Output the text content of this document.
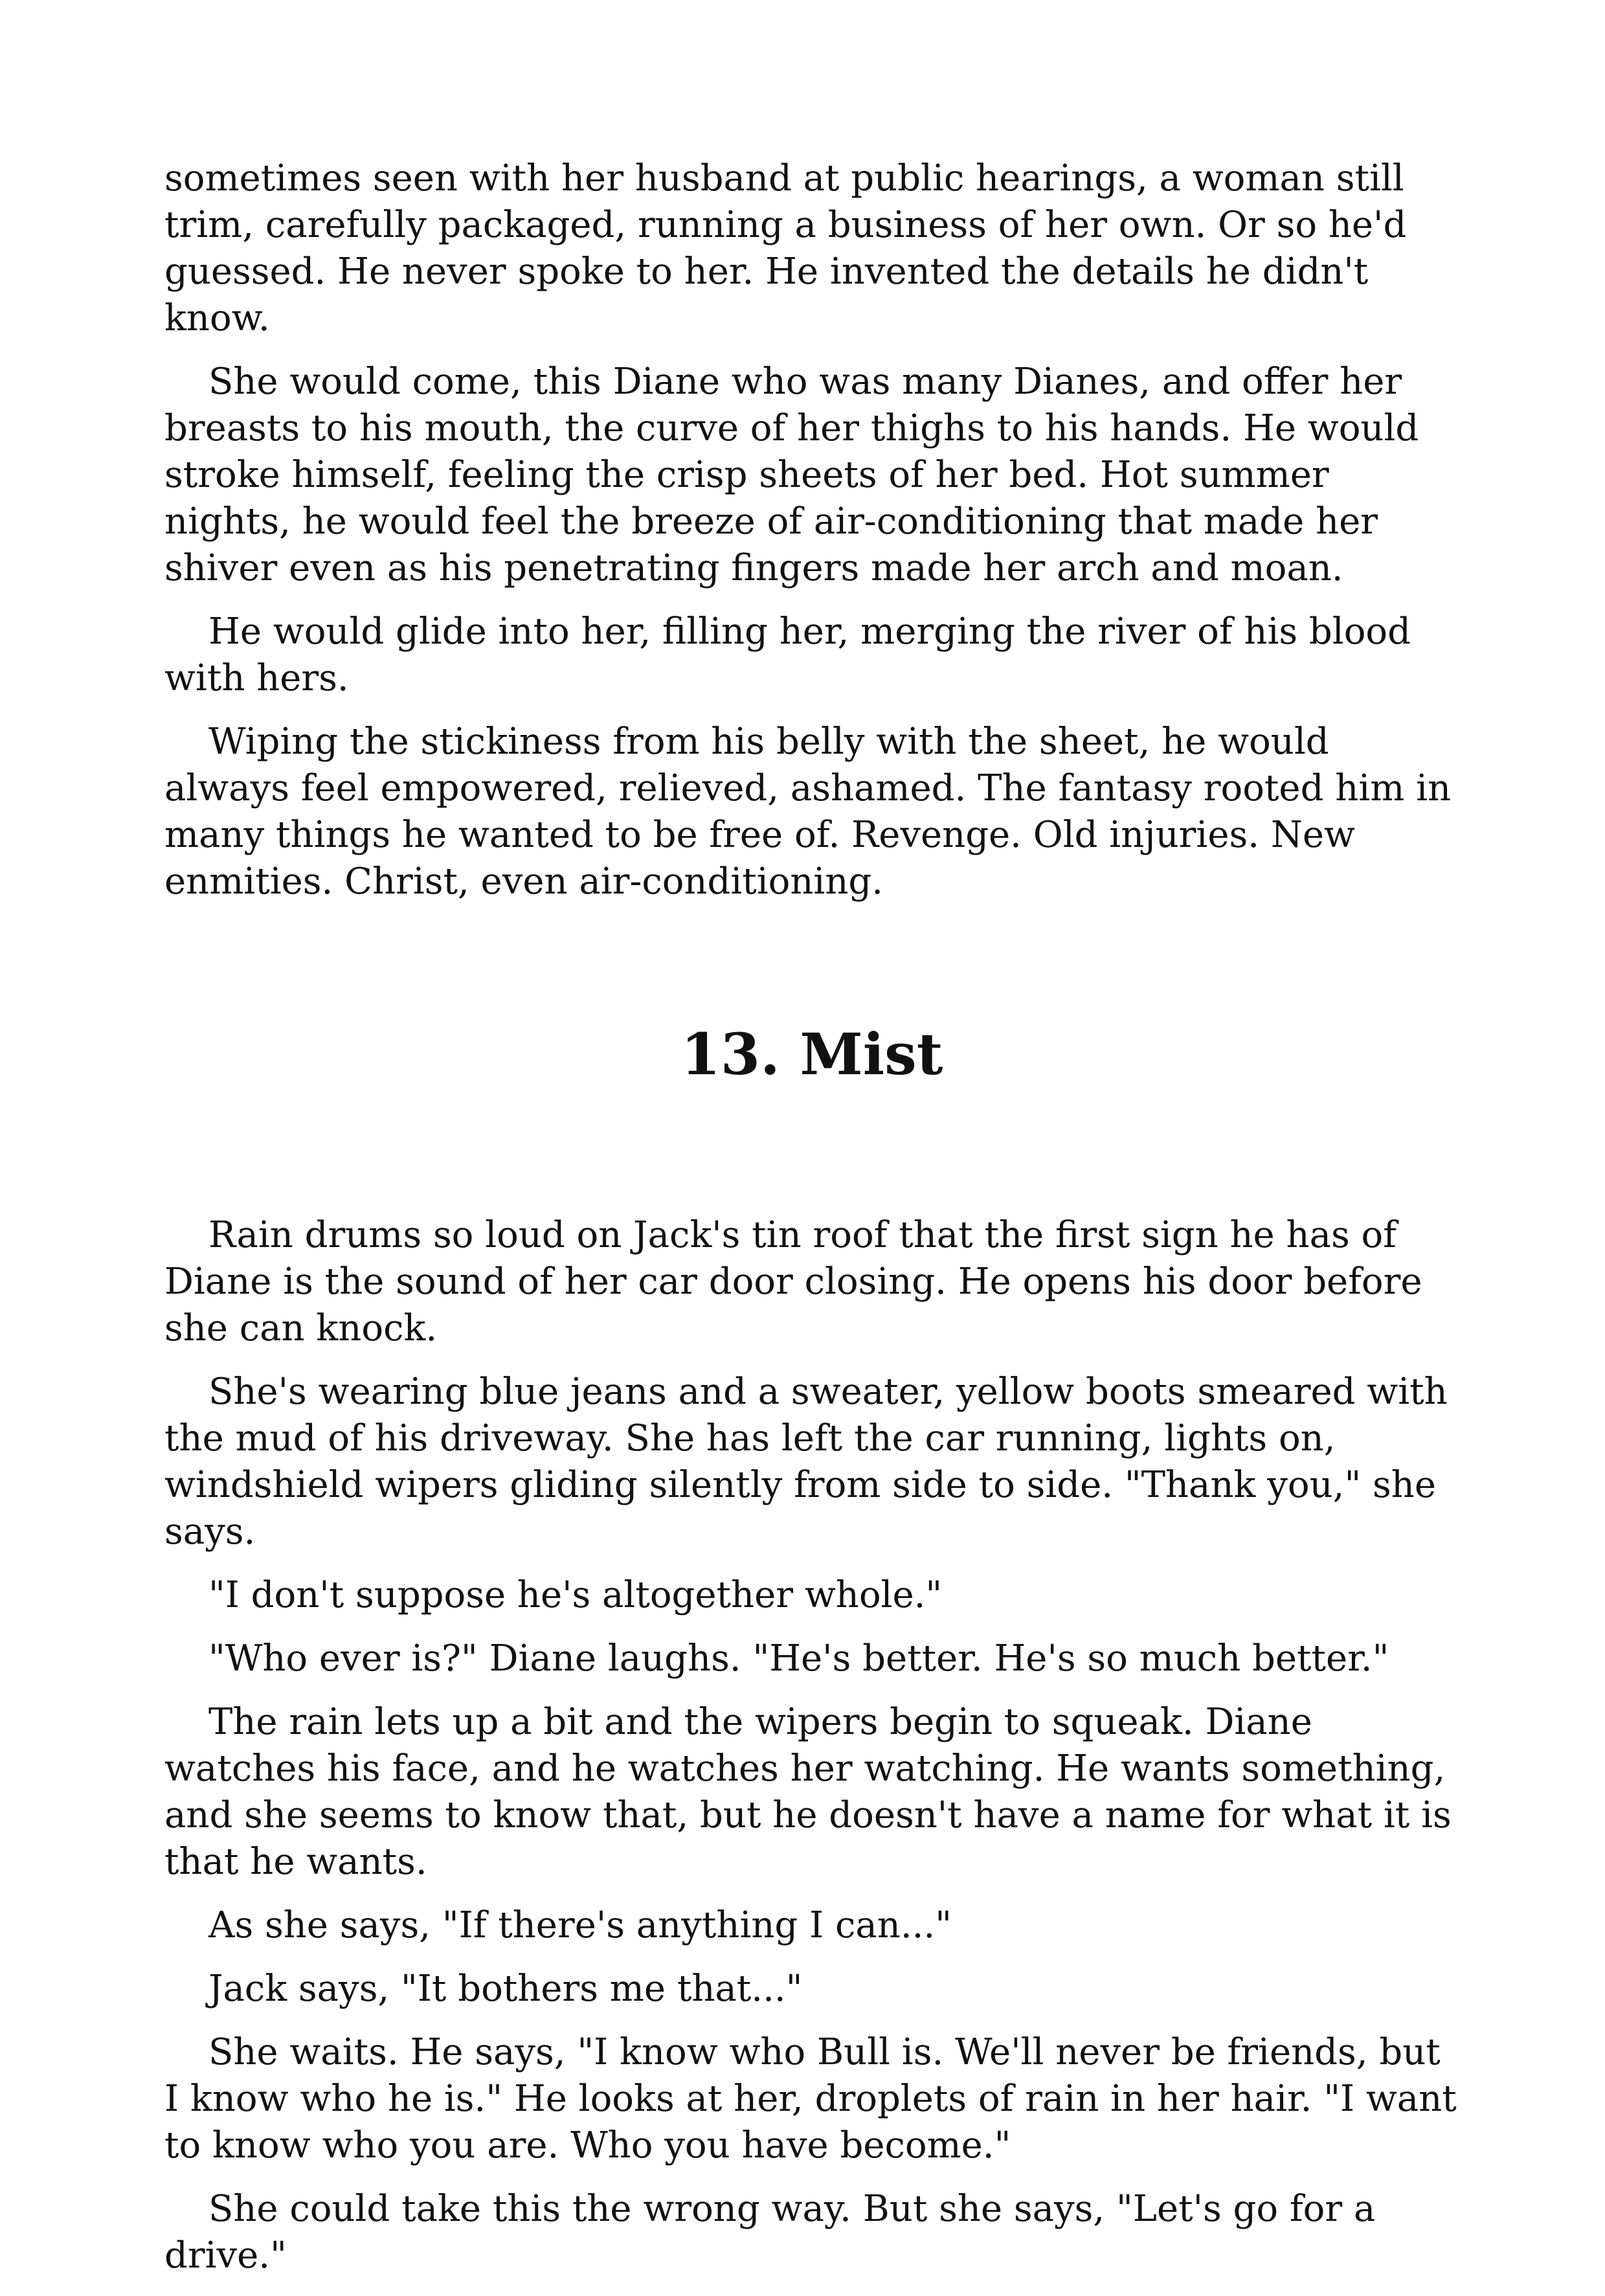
sometimes seen with her husband at public hearings, a woman still trim, carefully packaged, running a business of her own. Or so he'd guessed. He never spoke to her. He invented the details he didn't know.

She would come, this Diane who was many Dianes, and offer her breasts to his mouth, the curve of her thighs to his hands. He would stroke himself, feeling the crisp sheets of her bed. Hot summer nights, he would feel the breeze of air-conditioning that made her shiver even as his penetrating fingers made her arch and moan.

He would glide into her, filling her, merging the river of his blood with hers.

Wiping the stickiness from his belly with the sheet, he would always feel empowered, relieved, ashamed. The fantasy rooted him in many things he wanted to be free of. Revenge. Old injuries. New enmities. Christ, even air-conditioning.

13. Mist

Rain drums so loud on Jack's tin roof that the first sign he has of Diane is the sound of her car door closing. He opens his door before she can knock.

She's wearing blue jeans and a sweater, yellow boots smeared with the mud of his driveway. She has left the car running, lights on, windshield wipers gliding silently from side to side. "Thank you," she says.

"I don't suppose he's altogether whole."

"Who ever is?" Diane laughs. "He's better. He's so much better."

The rain lets up a bit and the wipers begin to squeak. Diane watches his face, and he watches her watching. He wants something, and she seems to know that, but he doesn't have a name for what it is that he wants.

As she says, "If there's anything I can..."

Jack says, "It bothers me that..."

She waits. He says, "I know who Bull is. We'll never be friends, but I know who he is." He looks at her, droplets of rain in her hair. "I want to know who you are. Who you have become."

She could take this the wrong way. But she says, "Let's go for a drive."
